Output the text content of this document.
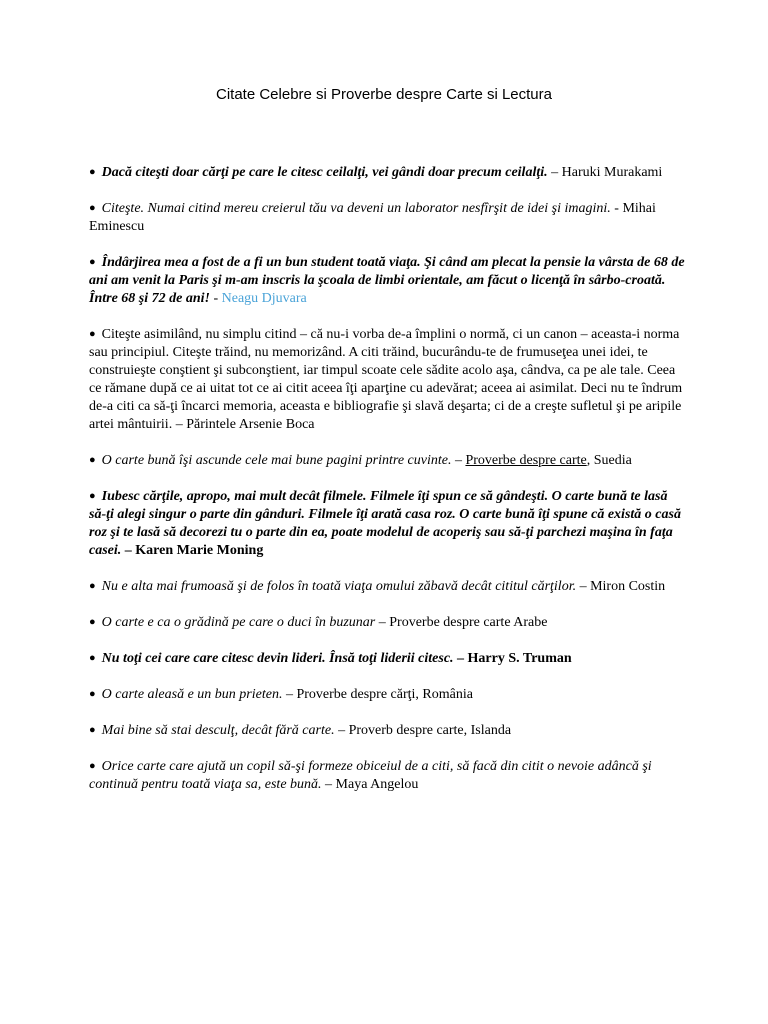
Citate Celebre si Proverbe despre Carte si Lectura

● Dacă citeşti doar cărţi pe care le citesc ceilalţi, vei gândi doar precum ceilalţi. – Haruki Murakami

● Citeşte. Numai citind mereu creierul tău va deveni un laborator nesfîrşit de idei şi imagini. - Mihai Eminescu

● Îndârjirea mea a fost de a fi un bun student toată viaţa. Şi când am plecat la pensie la vârsta de 68 de ani am venit la Paris şi m-am inscris la şcoala de limbi orientale, am făcut o licenţă în sârbo-croată. Între 68 şi 72 de ani! - Neagu Djuvara

● Citeşte asimilând, nu simplu citind – că nu-i vorba de-a împlini o normă, ci un canon – aceasta-i norma sau principiul. Citeşte trăind, nu memorizând. A citi trăind, bucurându-te de frumuseţea unei idei, te construieşte conştient şi subconştient, iar timpul scoate cele sădite acolo aşa, cândva, ca pe ale tale. Ceea ce rămane după ce ai uitat tot ce ai citit aceea îţi aparţine cu adevărat; aceea ai asimilat. Deci nu te îndrum de-a citi ca să-ţi încarci memoria, aceasta e bibliografie şi slavă deşarta; ci de a creşte sufletul şi pe aripile artei mântuirii. – Părintele Arsenie Boca

● O carte bună îşi ascunde cele mai bune pagini printre cuvinte. – Proverbe despre carte, Suedia

● Iubesc cărţile, apropo, mai mult decât filmele. Filmele îţi spun ce să gândeşti. O carte bună te lasă să-ţi alegi singur o parte din gânduri. Filmele îţi arată casa roz. O carte bună îţi spune că există o casă roz şi te lasă să decorezi tu o parte din ea, poate modelul de acoperiş sau să-ţi parchezi maşina în faţa casei. – Karen Marie Moning

● Nu e alta mai frumoasă şi de folos în toată viaţa omului zăbavă decât cititul cărţilor. – Miron Costin

● O carte e ca o grădină pe care o duci în buzunar – Proverbe despre carte Arabe

● Nu toţi cei care care citesc devin lideri. Însă toţi liderii citesc. – Harry S. Truman

● O carte aleasă e un bun prieten. – Proverbe despre cărţi, România

● Mai bine să stai desculţ, decât fără carte. – Proverb despre carte, Islanda

● Orice carte care ajută un copil să-şi formeze obiceiul de a citi, să facă din citit o nevoie adâncă şi continuă pentru toată viaţa sa, este bună. – Maya Angelou
